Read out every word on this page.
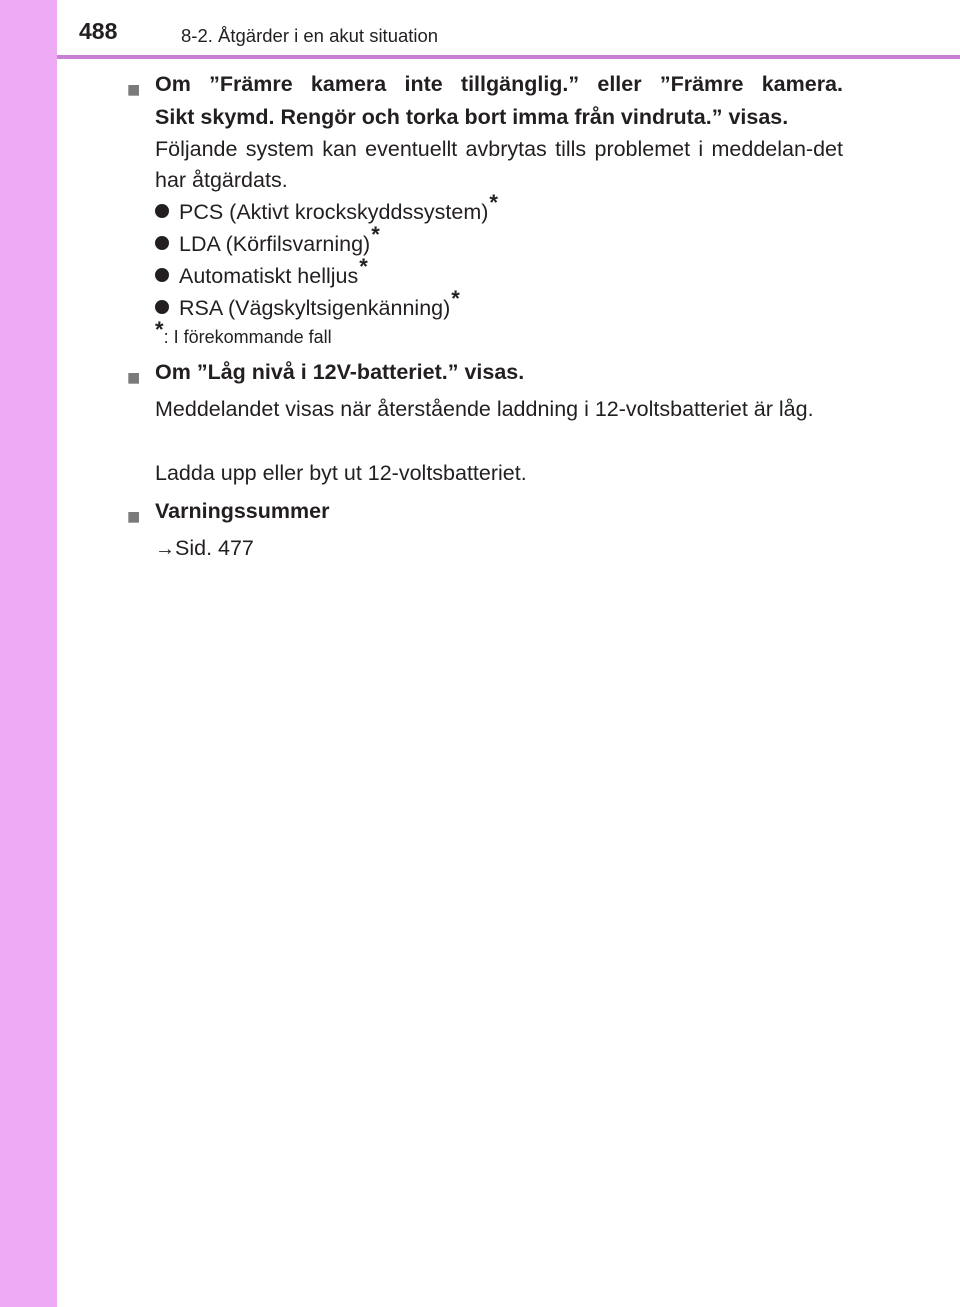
488	8-2. Åtgärder i en akut situation
■ Om ”Främre kamera inte tillgänglig.” eller ”Främre kamera.
Sikt skymd. Rengör och torka bort imma från vindruta.” visas.
Följande system kan eventuellt avbrytas tills problemet i meddelan-det har åtgärdats.
PCS (Aktivt krockskyddssystem)*
LDA (Körfilsvarning)*
Automatiskt helljus*
RSA (Vägskyltsigenkänning)*
*: I förekommande fall
■ Om ”Låg nivå i 12V-batteriet.” visas.
Meddelandet visas när återstående laddning i 12-voltsbatteriet är låg.
Ladda upp eller byt ut 12-voltsbatteriet.
■ Varningssummer
→Sid. 477
